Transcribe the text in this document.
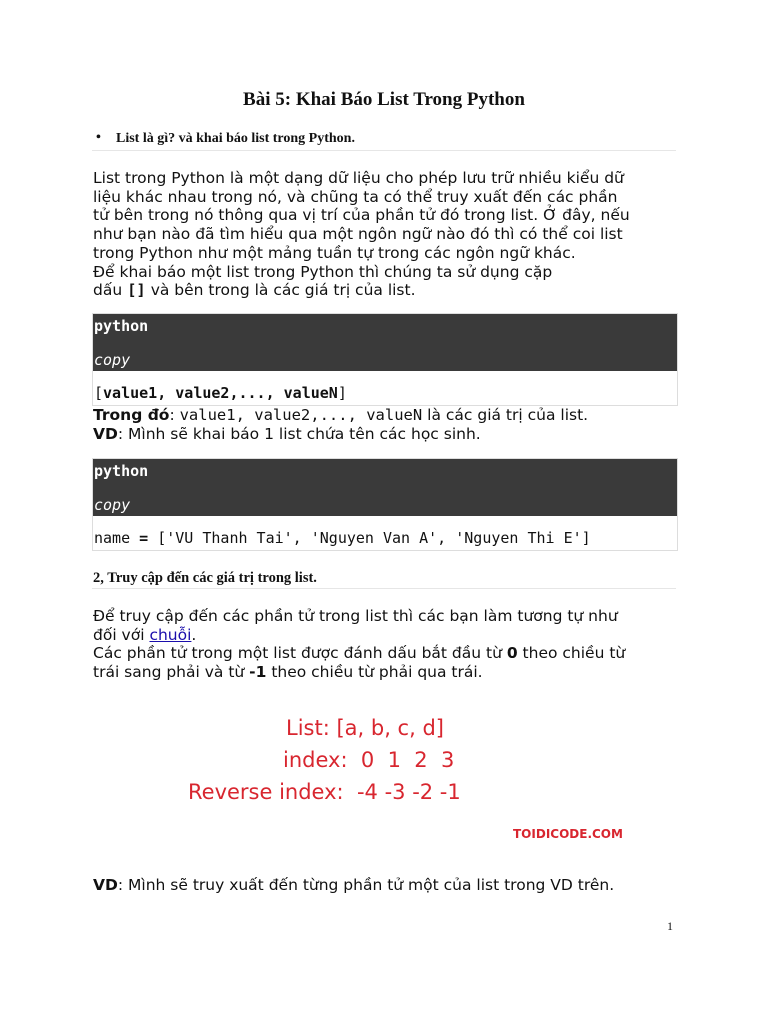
Bài 5: Khai Báo List Trong Python
• List là gì? và khai báo list trong Python.
List trong Python là một dạng dữ liệu cho phép lưu trữ nhiều kiểu dữ
liệu khác nhau trong nó, và chũng ta có thể truy xuất đến các phần
tử bên trong nó thông qua vị trí của phần tử đó trong list. Ở đây, nếu
như bạn nào đã tìm hiểu qua một ngôn ngữ nào đó thì có thể coi list
trong Python như một mảng tuần tự trong các ngôn ngữ khác.
Để khai báo một list trong Python thì chúng ta sử dụng cặp
dấu [] và bên trong là các giá trị của list.
python
copy
[value1, value2,..., valueN]
Trong đó: value1, value2,..., valueN là các giá trị của list.
VD: Mình sẽ khai báo 1 list chứa tên các học sinh.
python
copy
name = ['VU Thanh Tai', 'Nguyen Van A', 'Nguyen Thi E']
2, Truy cập đến các giá trị trong list.
Để truy cập đến các phần tử trong list thì các bạn làm tương tự như
đối với chuỗi.
Các phần tử trong một list được đánh dấu bắt đầu từ 0 theo chiều từ
trái sang phải và từ -1 theo chiều từ phải qua trái.
List: [a, b, c, d]
index:  0  1  2  3
Reverse index:  -4 -3 -2 -1
TOIDICODE.COM
VD: Mình sẽ truy xuất đến từng phần tử một của list trong VD trên.
1
